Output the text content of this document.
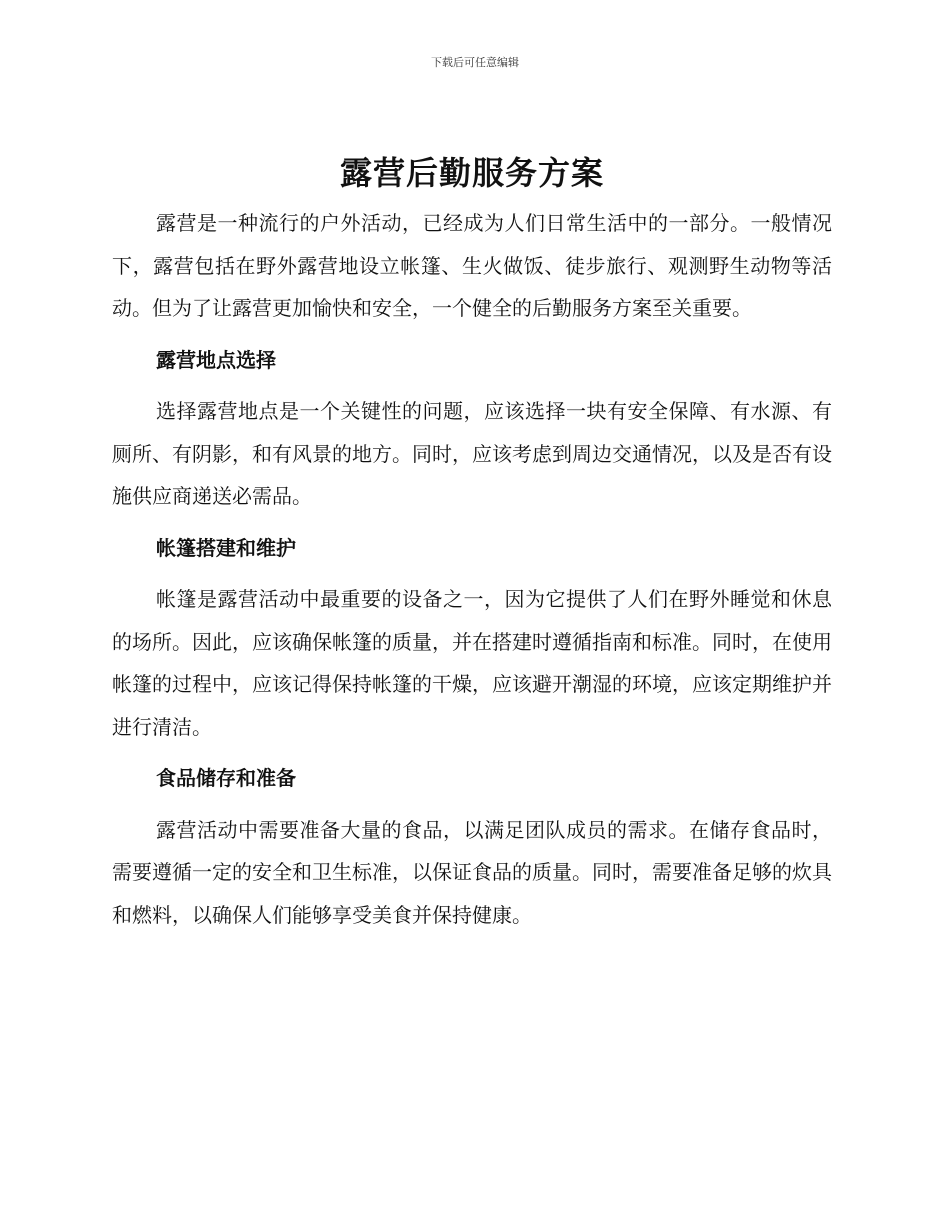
下载后可任意编辑
露营后勤服务方案

露营是一种流行的户外活动，已经成为人们日常生活中的一部分。一般情况下，露营包括在野外露营地设立帐篷、生火做饭、徒步旅行、观测野生动物等活动。但为了让露营更加愉快和安全，一个健全的后勤服务方案至关重要。

露营地点选择

选择露营地点是一个关键性的问题，应该选择一块有安全保障、有水源、有厕所、有阴影，和有风景的地方。同时，应该考虑到周边交通情况，以及是否有设施供应商递送必需品。

帐篷搭建和维护

帐篷是露营活动中最重要的设备之一，因为它提供了人们在野外睡觉和休息的场所。因此，应该确保帐篷的质量，并在搭建时遵循指南和标准。同时，在使用帐篷的过程中，应该记得保持帐篷的干燥，应该避开潮湿的环境，应该定期维护并进行清洁。

食品储存和准备

露营活动中需要准备大量的食品，以满足团队成员的需求。在储存食品时，需要遵循一定的安全和卫生标准，以保证食品的质量。同时，需要准备足够的炊具和燃料，以确保人们能够享受美食并保持健康。
